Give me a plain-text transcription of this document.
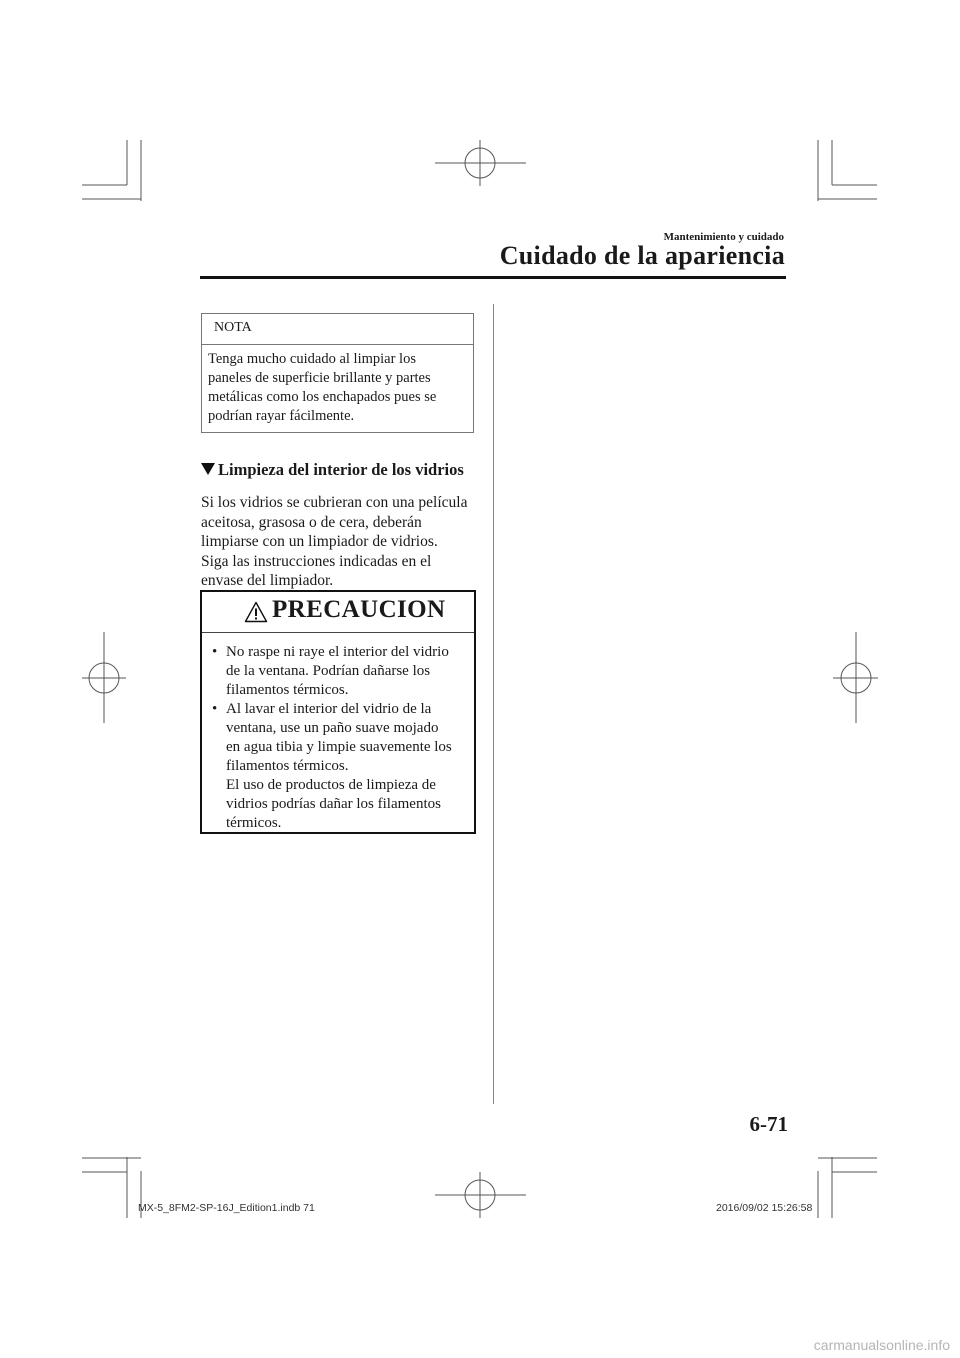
Mantenimiento y cuidado
Cuidado de la apariencia
NOTA
Tenga mucho cuidado al limpiar los
paneles de superficie brillante y partes
metálicas como los enchapados pues se
podrían rayar fácilmente.
Limpieza del interior de los vidrios
Si los vidrios se cubrieran con una película
aceitosa, grasosa o de cera, deberán
limpiarse con un limpiador de vidrios.
Siga las instrucciones indicadas en el
envase del limpiador.
PRECAUCION
• No raspe ni raye el interior del vidrio
de la ventana. Podrían dañarse los
filamentos térmicos.
• Al lavar el interior del vidrio de la
ventana, use un paño suave mojado
en agua tibia y limpie suavemente los
filamentos térmicos.
El uso de productos de limpieza de
vidrios podrías dañar los filamentos
térmicos.
6-71
MX-5_8FM2-SP-16J_Edition1.indb 71	2016/09/02 15:26:58
carmanualsonline.info
